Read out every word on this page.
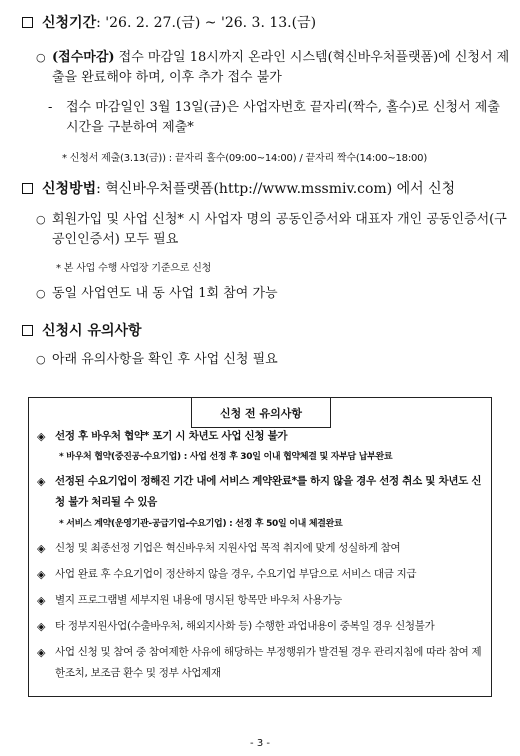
신청기간 : '26. 2. 27.(금) ~ '26. 3. 13.(금)
○ (접수마감) 접수 마감일 18시까지 온라인 시스템(혁신바우처플랫폼)에 신청서 제출을 완료해야 하며, 이후 추가 접수 불가
-	접수 마감일인 3월 13일(금)은 사업자번호 끝자리(짝수, 홀수)로 신청서 제출 시간을 구분하여 제출*
* 신청서 제출(3.13(금)) : 끝자리 홀수(09:00~14:00) / 끝자리 짝수(14:00~18:00)
신청방법 : 혁신바우처플랫폼(http://www.mssmiv.com) 에서 신청
○ 회원가입 및 사업 신청* 시 사업자 명의 공동인증서와 대표자 개인 공동인증서(구 공인인증서) 모두 필요
* 본 사업 수행 사업장 기준으로 신청
○ 동일 사업연도 내 동 사업 1회 참여 가능
신청시 유의사항
○ 아래 유의사항을 확인 후 사업 신청 필요
신청 전 유의사항
◈ 선정 후 바우처 협약* 포기 시 차년도 사업 신청 불가
* 바우처 협약(중진공-수요기업) : 사업 선정 후 30일 이내 협약체결 및 자부담 납부완료
◈ 선정된 수요기업이 정해진 기간 내에 서비스 계약완료*를 하지 않을 경우 선정 취소 및 차년도 신청 불가 처리될 수 있음
* 서비스 계약(운영기관-공급기업-수요기업) : 선정 후 50일 이내 체결완료
◈ 신청 및 최종선정 기업은 혁신바우처 지원사업 목적 취지에 맞게 성실하게 참여
◈ 사업 완료 후 수요기업이 정산하지 않을 경우, 수요기업 부담으로 서비스 대금 지급
◈ 별지 프로그램별 세부지원 내용에 명시된 항목만 바우처 사용가능
◈ 타 정부지원사업(수출바우처, 해외지사화 등) 수행한 과업내용이 중복일 경우 신청불가
◈ 사업 신청 및 참여 중 참여제한 사유에 해당하는 부정행위가 발견될 경우 관리지침에 따라 참여 제한조치, 보조금 환수 및 정부 사업제재
- 3 -
